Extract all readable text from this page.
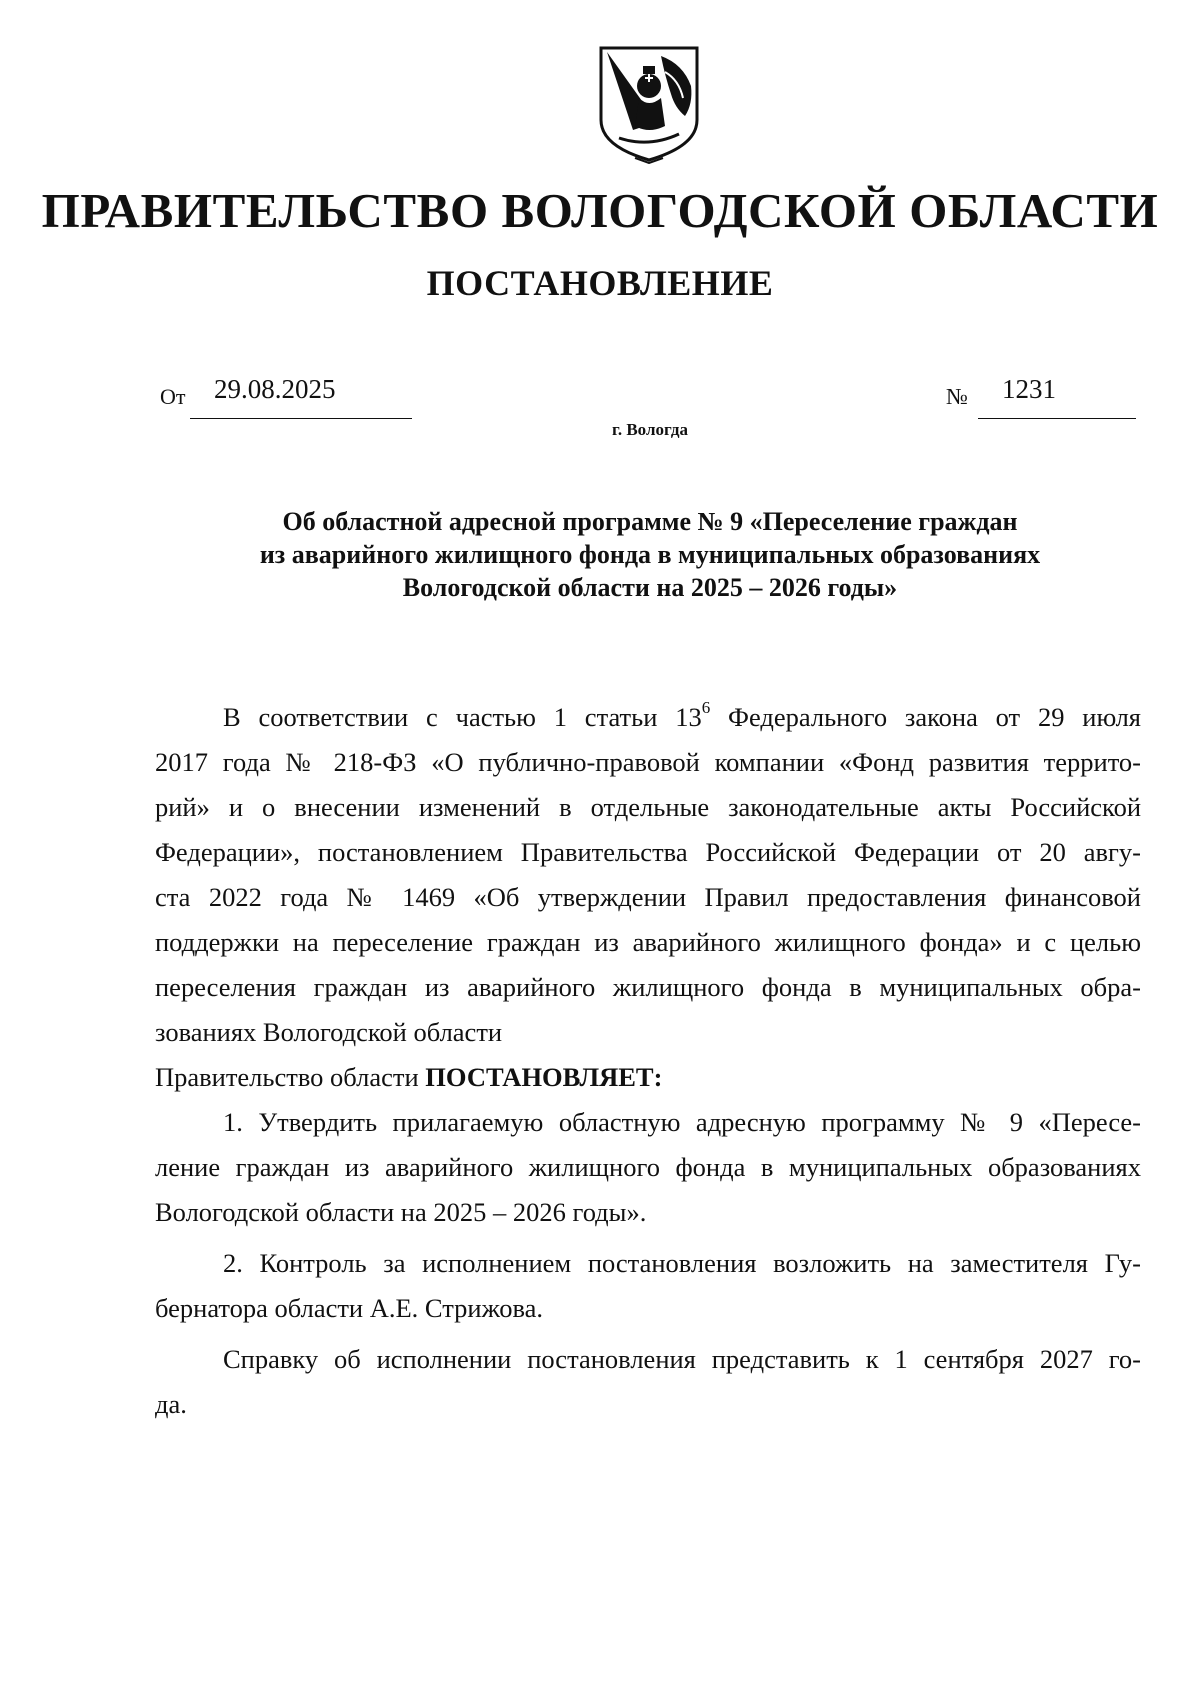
ПРАВИТЕЛЬСТВО ВОЛОГОДСКОЙ ОБЛАСТИ
ПОСТАНОВЛЕНИЕ
От 29.08.2025	№ 1231
г. Вологда
Об областной адресной программе № 9 «Переселение граждан
из аварийного жилищного фонда в муниципальных образованиях
Вологодской области на 2025 – 2026 годы»
В соответствии с частью 1 статьи $13^6$ Федерального закона от 29 июля
2017 года № 218-ФЗ «О публично-правовой компании «Фонд развития террито-
рий» и о внесении изменений в отдельные законодательные акты Российской
Федерации», постановлением Правительства Российской Федерации от 20 авгу-
ста 2022 года № 1469 «Об утверждении Правил предоставления финансовой
поддержки на переселение граждан из аварийного жилищного фонда» и с целью
переселения граждан из аварийного жилищного фонда в муниципальных обра-
зованиях Вологодской области
Правительство области ПОСТАНОВЛЯЕТ:
1. Утвердить прилагаемую областную адресную программу № 9 «Пересе-
ление граждан из аварийного жилищного фонда в муниципальных образованиях
Вологодской области на 2025 – 2026 годы».
2. Контроль за исполнением постановления возложить на заместителя Гу-
бернатора области А.Е. Стрижова.
Справку об исполнении постановления представить к 1 сентября 2027 го-
да.
